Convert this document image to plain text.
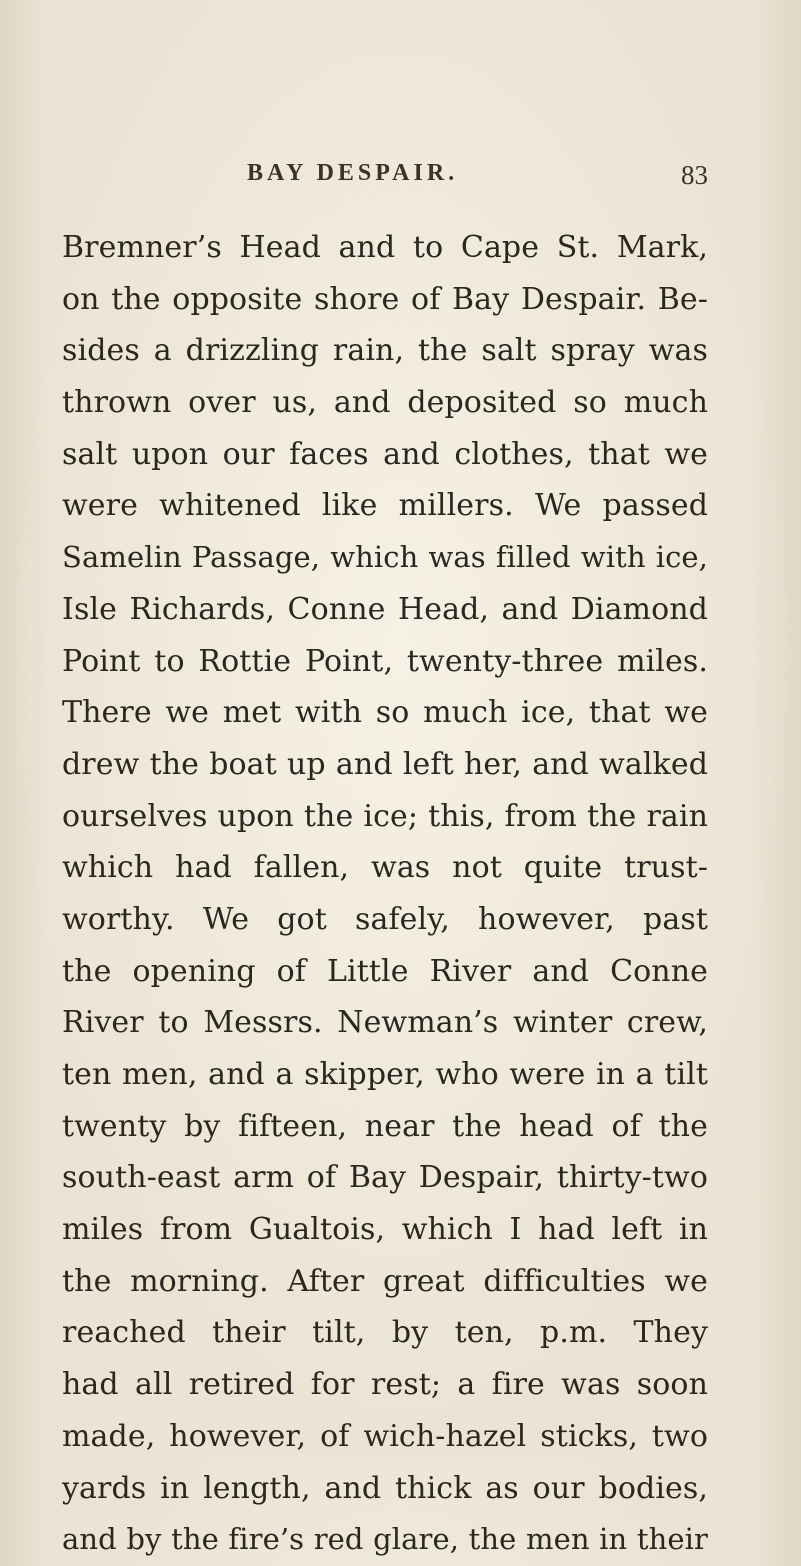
BAY DESPAIR.	83
Bremner’s Head and to Cape St. Mark,
on the opposite shore of Bay Despair. Be-
sides a drizzling rain, the salt spray was
thrown over us, and deposited so much
salt upon our faces and clothes, that we
were whitened like millers. We passed
Samelin Passage, which was filled with ice,
Isle Richards, Conne Head, and Diamond
Point to Rottie Point, twenty-three miles.
There we met with so much ice, that we
drew the boat up and left her, and walked
ourselves upon the ice; this, from the rain
which had fallen, was not quite trust-
worthy. We got safely, however, past
the opening of Little River and Conne
River to Messrs. Newman’s winter crew,
ten men, and a skipper, who were in a tilt
twenty by fifteen, near the head of the
south-east arm of Bay Despair, thirty-two
miles from Gualtois, which I had left in
the morning. After great difficulties we
reached their tilt, by ten, p.m. They
had all retired for rest; a fire was soon
made, however, of wich-hazel sticks, two
yards in length, and thick as our bodies,
and by the fire’s red glare, the men in their
